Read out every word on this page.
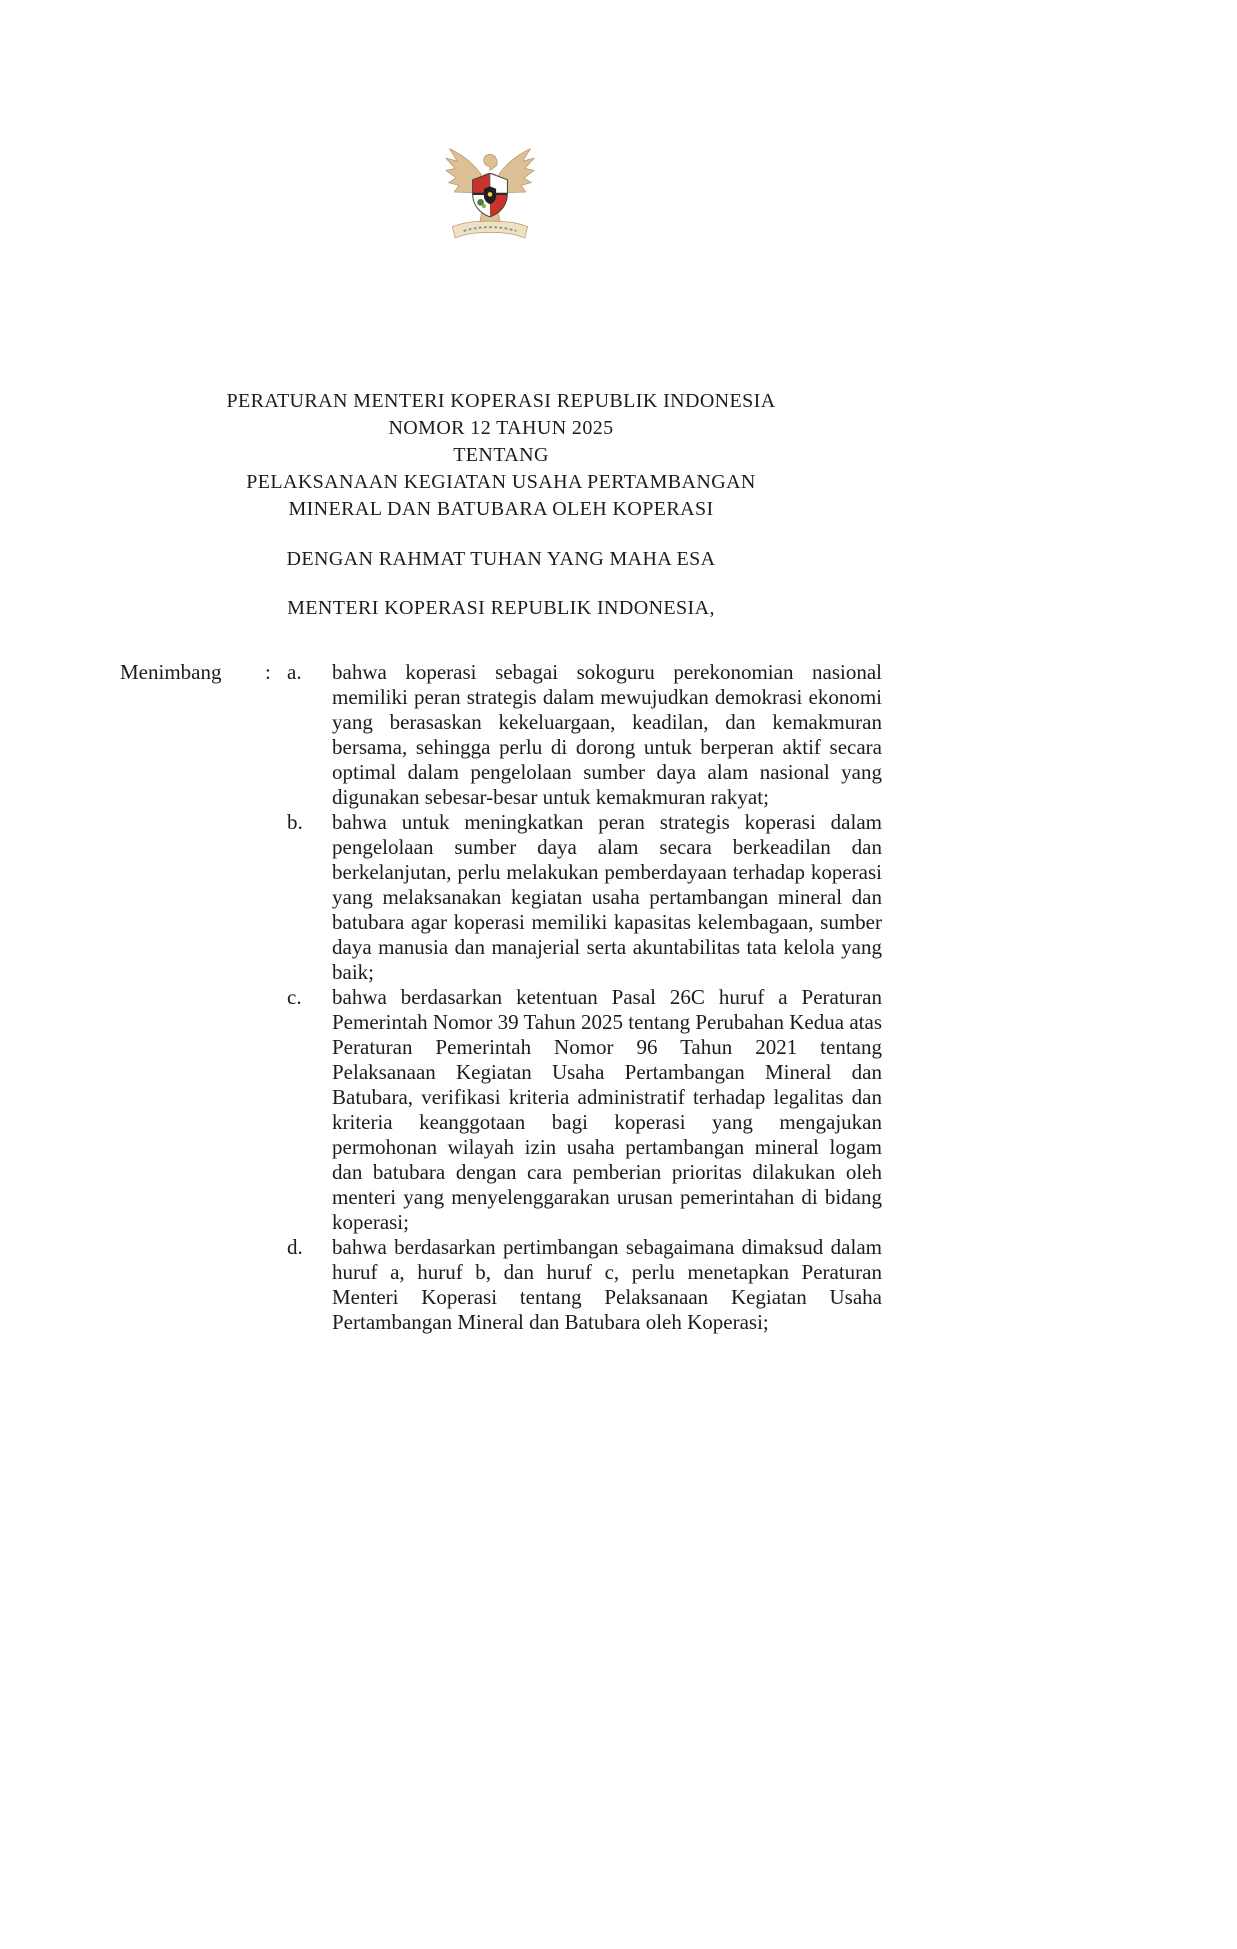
PERATURAN MENTERI KOPERASI REPUBLIK INDONESIA
NOMOR 12 TAHUN 2025
TENTANG
PELAKSANAAN KEGIATAN USAHA PERTAMBANGAN
MINERAL DAN BATUBARA OLEH KOPERASI
DENGAN RAHMAT TUHAN YANG MAHA ESA
MENTERI KOPERASI REPUBLIK INDONESIA,
Menimbang	: a.	bahwa koperasi sebagai sokoguru perekonomian nasional memiliki peran strategis dalam mewujudkan demokrasi ekonomi yang berasaskan kekeluargaan, keadilan, dan kemakmuran bersama, sehingga perlu di dorong untuk berperan aktif secara optimal dalam pengelolaan sumber daya alam nasional yang digunakan sebesar-besar untuk kemakmuran rakyat;
b.	bahwa untuk meningkatkan peran strategis koperasi dalam pengelolaan sumber daya alam secara berkeadilan dan berkelanjutan, perlu melakukan pemberdayaan terhadap koperasi yang melaksanakan kegiatan usaha pertambangan mineral dan batubara agar koperasi memiliki kapasitas kelembagaan, sumber daya manusia dan manajerial serta akuntabilitas tata kelola yang baik;
c.	bahwa berdasarkan ketentuan Pasal 26C huruf a Peraturan Pemerintah Nomor 39 Tahun 2025 tentang Perubahan Kedua atas Peraturan Pemerintah Nomor 96 Tahun 2021 tentang Pelaksanaan Kegiatan Usaha Pertambangan Mineral dan Batubara, verifikasi kriteria administratif terhadap legalitas dan kriteria keanggotaan bagi koperasi yang mengajukan permohonan wilayah izin usaha pertambangan mineral logam dan batubara dengan cara pemberian prioritas dilakukan oleh menteri yang menyelenggarakan urusan pemerintahan di bidang koperasi;
d.	bahwa berdasarkan pertimbangan sebagaimana dimaksud dalam huruf a, huruf b, dan huruf c, perlu menetapkan Peraturan Menteri Koperasi tentang Pelaksanaan Kegiatan Usaha Pertambangan Mineral dan Batubara oleh Koperasi;
